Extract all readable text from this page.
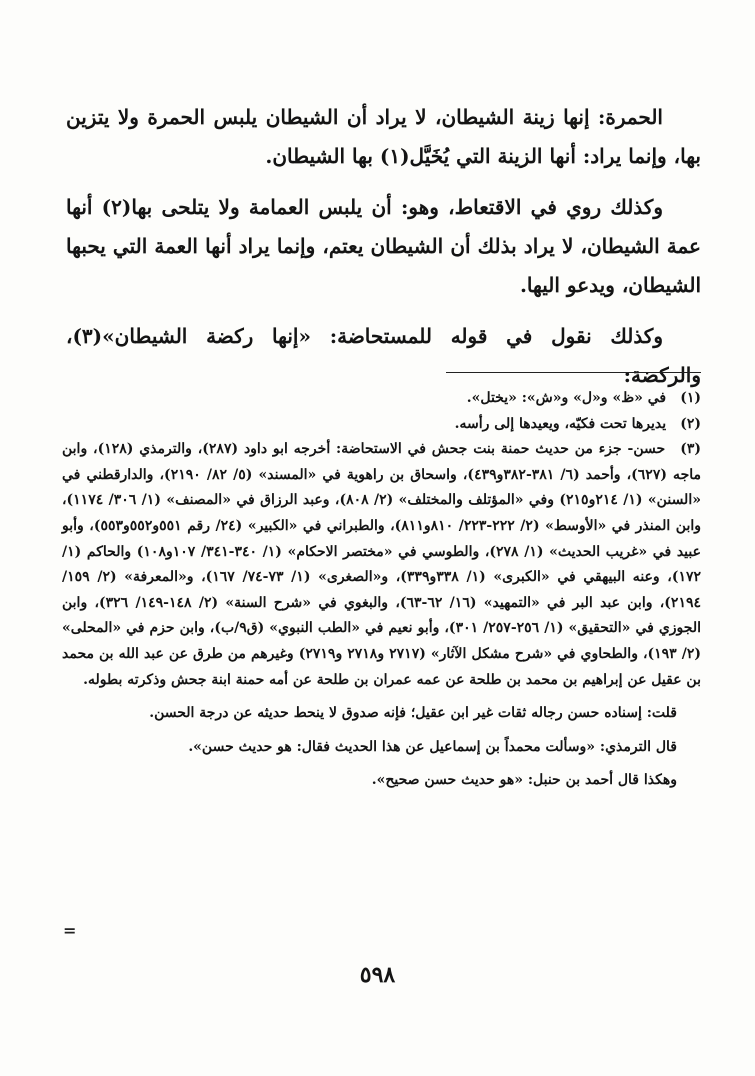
الحمرة: إنها زينة الشيطان، لا يراد أن الشيطان يلبس الحمرة ولا يتزين بها، وإنما يراد: أنها الزينة التي يُخَيَّل(١) بها الشيطان.

وكذلك روي في الاقتعاط، وهو: أن يلبس العمامة ولا يتلحى بها(٢) أنها عمة الشيطان، لا يراد بذلك أن الشيطان يعتم، وإنما يراد أنها العمة التي يحبها الشيطان، ويدعو اليها.

وكذلك نقول في قوله للمستحاضة: «إنها ركضة الشيطان»(٣)، والركضة:

(١) في «ظ» و«ل» و«ش»: «يختل».

(٢) يديرها تحت فكيّه، ويعيدها إلى رأسه.

(٣) حسن- جزء من حديث حمنة بنت جحش في الاستحاضة: أخرجه ابو داود (٢٨٧)، والترمذي (١٢٨)، وابن ماجه (٦٢٧)، وأحمد (٦/ ٣٨١-٣٨٢و٤٣٩)، واسحاق بن راهوية في «المسند» (٥/ ٨٢/ ٢١٩٠)، والدارقطني في «السنن» (١/ ٢١٤و٢١٥) وفي «المؤتلف والمختلف» (٢/ ٨٠٨)، وعبد الرزاق في «المصنف» (١/ ٣٠٦/ ١١٧٤)، وابن المنذر في «الأوسط» (٢/ ٢٢٢-٢٢٣/ ٨١٠و٨١١)، والطبراني في «الكبير» (٢٤/ رقم ٥٥١و٥٥٢و٥٥٣)، وأبو عبيد في «غريب الحديث» (١/ ٢٧٨)، والطوسي في «مختصر الاحكام» (١/ ٣٤٠-٣٤١/ ١٠٧و١٠٨) والحاكم (١/ ١٧٢)، وعنه البيهقي في «الكبرى» (١/ ٣٣٨و٣٣٩)، و«الصغرى» (١/ ٧٣-٧٤/ ١٦٧)، و«المعرفة» (٢/ ١٥٩/ ٢١٩٤)، وابن عبد البر في «التمهيد» (١٦/ ٦٢-٦٣)، والبغوي في «شرح السنة» (٢/ ١٤٨-١٤٩/ ٣٢٦)، وابن الجوزي في «التحقيق» (١/ ٢٥٦-٢٥٧/ ٣٠١)، وأبو نعيم في «الطب النبوي» (ق٩/ب)، وابن حزم في «المحلى» (٢/ ١٩٣)، والطحاوي في «شرح مشكل الآثار» (٢٧١٧ و٢٧١٨ و٢٧١٩) وغيرهم من طرق عن عبد الله بن محمد بن عقيل عن إبراهيم بن محمد بن طلحة عن عمه عمران بن طلحة عن أمه حمنة ابنة جحش وذكرته بطوله.

قلت: إسناده حسن رجاله ثقات غير ابن عقيل؛ فإنه صدوق لا ينحط حديثه عن درجة الحسن.

قال الترمذي: «وسألت محمداً بن إسماعيل عن هذا الحديث فقال: هو حديث حسن».

وهكذا قال أحمد بن حنبل: «هو حديث حسن صحيح».

=
٥٩٨
